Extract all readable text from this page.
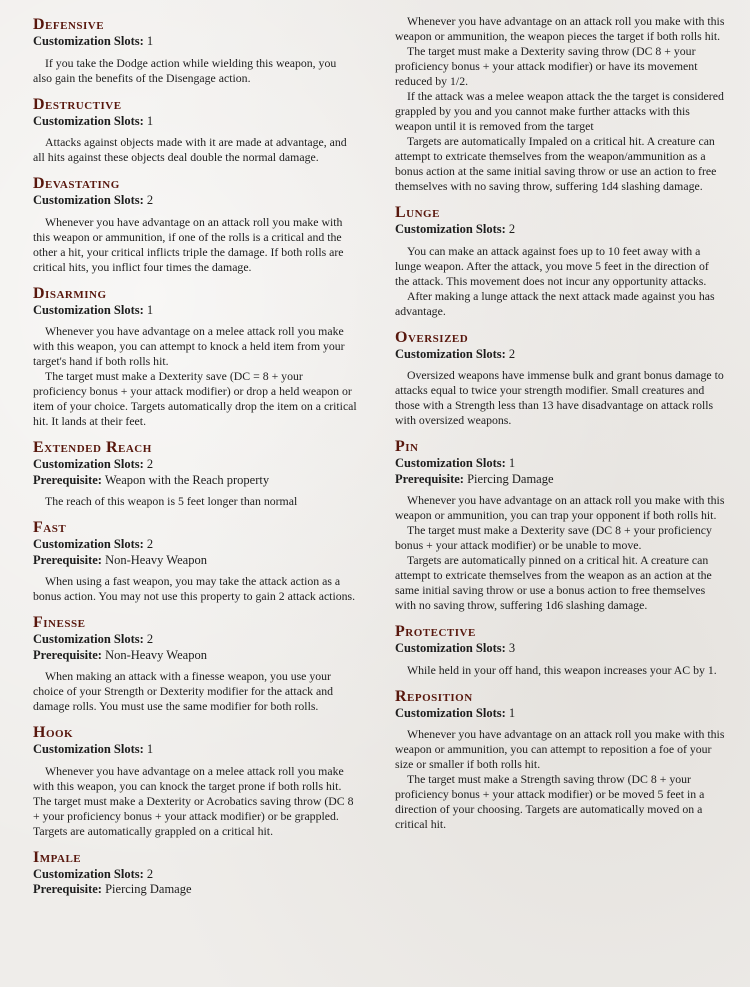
Defensive
Customization Slots: 1

If you take the Dodge action while wielding this weapon, you also gain the benefits of the Disengage action.

Destructive
Customization Slots: 1

Attacks against objects made with it are made at advantage, and all hits against these objects deal double the normal damage.

Devastating
Customization Slots: 2

Whenever you have advantage on an attack roll you make with this weapon or ammunition, if one of the rolls is a critical and the other a hit, your critical inflicts triple the damage. If both rolls are critical hits, you inflict four times the damage.

Disarming
Customization Slots: 1

Whenever you have advantage on a melee attack roll you make with this weapon, you can attempt to knock a held item from your target's hand if both rolls hit.

The target must make a Dexterity save (DC = 8 + your proficiency bonus + your attack modifier) or drop a held weapon or item of your choice. Targets automatically drop the item on a critical hit. It lands at their feet.

Extended Reach
Customization Slots: 2
Prerequisite: Weapon with the Reach property

The reach of this weapon is 5 feet longer than normal

Fast
Customization Slots: 2
Prerequisite: Non-Heavy Weapon

When using a fast weapon, you may take the attack action as a bonus action. You may not use this property to gain 2 attack actions.

Finesse
Customization Slots: 2
Prerequisite: Non-Heavy Weapon

When making an attack with a finesse weapon, you use your choice of your Strength or Dexterity modifier for the attack and damage rolls. You must use the same modifier for both rolls.

Hook
Customization Slots: 1

Whenever you have advantage on a melee attack roll you make with this weapon, you can knock the target prone if both rolls hit. The target must make a Dexterity or Acrobatics saving throw (DC 8 + your proficiency bonus + your attack modifier) or be grappled. Targets are automatically grappled on a critical hit.

Impale
Customization Slots: 2
Prerequisite: Piercing Damage

Whenever you have advantage on an attack roll you make with this weapon or ammunition, the weapon pieces the target if both rolls hit.

The target must make a Dexterity saving throw (DC 8 + your proficiency bonus + your attack modifier) or have its movement reduced by 1/2.

If the attack was a melee weapon attack the the target is considered grappled by you and you cannot make further attacks with this weapon until it is removed from the target

Targets are automatically Impaled on a critical hit. A creature can attempt to extricate themselves from the weapon/ammunition as a bonus action at the same initial saving throw or use an action to free themselves with no saving throw, suffering 1d4 slashing damage.

Lunge
Customization Slots: 2

You can make an attack against foes up to 10 feet away with a lunge weapon. After the attack, you move 5 feet in the direction of the attack. This movement does not incur any opportunity attacks.

After making a lunge attack the next attack made against you has advantage.

Oversized
Customization Slots: 2

Oversized weapons have immense bulk and grant bonus damage to attacks equal to twice your strength modifier. Small creatures and those with a Strength less than 13 have disadvantage on attack rolls with oversized weapons.

Pin
Customization Slots: 1
Prerequisite: Piercing Damage

Whenever you have advantage on an attack roll you make with this weapon or ammunition, you can trap your opponent if both rolls hit.

The target must make a Dexterity save (DC 8 + your proficiency bonus + your attack modifier) or be unable to move.

Targets are automatically pinned on a critical hit. A creature can attempt to extricate themselves from the weapon as an action at the same initial saving throw or use a bonus action to free themselves with no saving throw, suffering 1d6 slashing damage.

Protective
Customization Slots: 3

While held in your off hand, this weapon increases your AC by 1.

Reposition
Customization Slots: 1

Whenever you have advantage on an attack roll you make with this weapon or ammunition, you can attempt to reposition a foe of your size or smaller if both rolls hit.

The target must make a Strength saving throw (DC 8 + your proficiency bonus + your attack modifier) or be moved 5 feet in a direction of your choosing. Targets are automatically moved on a critical hit.
